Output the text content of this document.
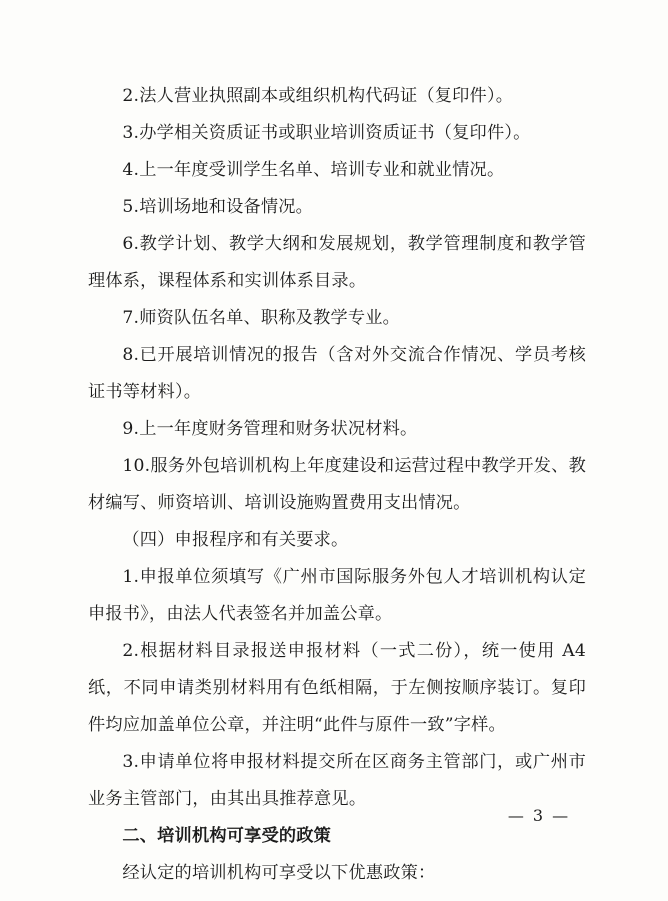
2.法人营业执照副本或组织机构代码证（复印件）。

3.办学相关资质证书或职业培训资质证书（复印件）。

4.上一年度受训学生名单、培训专业和就业情况。

5.培训场地和设备情况。

6.教学计划、教学大纲和发展规划，教学管理制度和教学管理体系，课程体系和实训体系目录。

7.师资队伍名单、职称及教学专业。

8.已开展培训情况的报告（含对外交流合作情况、学员考核证书等材料）。

9.上一年度财务管理和财务状况材料。

10.服务外包培训机构上年度建设和运营过程中教学开发、教材编写、师资培训、培训设施购置费用支出情况。

（四）申报程序和有关要求。

1.申报单位须填写《广州市国际服务外包人才培训机构认定申报书》，由法人代表签名并加盖公章。

2.根据材料目录报送申报材料（一式二份），统一使用 A4 纸，不同申请类别材料用有色纸相隔，于左侧按顺序装订。复印件均应加盖单位公章，并注明“此件与原件一致”字样。

3.申请单位将申报材料提交所在区商务主管部门，或广州市业务主管部门，由其出具推荐意见。

二、培训机构可享受的政策

经认定的培训机构可享受以下优惠政策：

— 3 —
